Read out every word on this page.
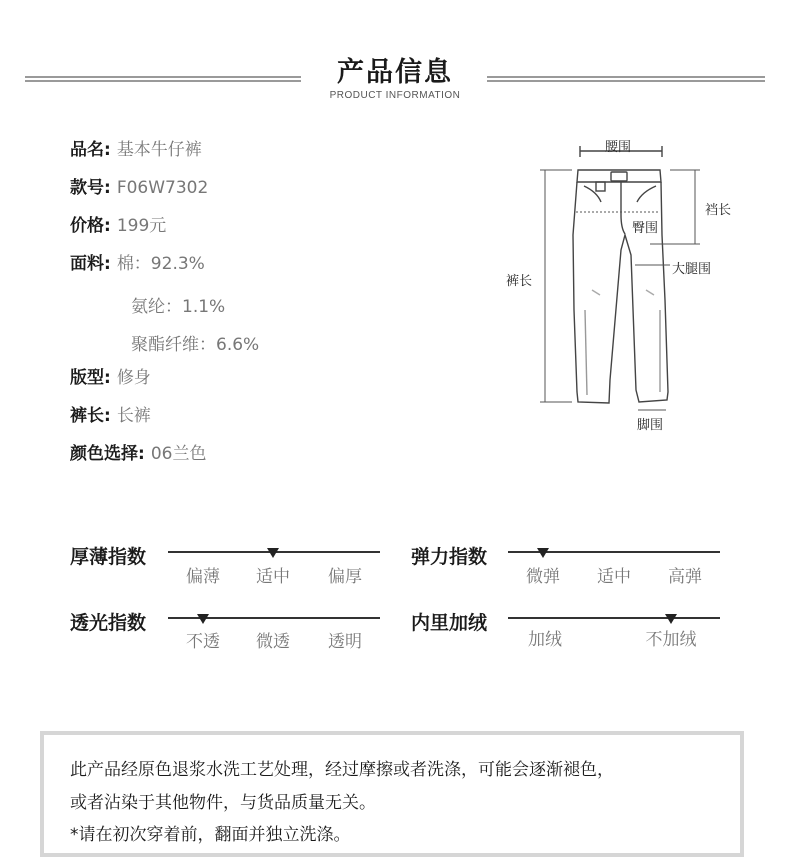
产品信息
PRODUCT INFORMATION
品名: 基本牛仔裤
款号: F06W7302
价格: 199元
面料: 棉：92.3%
氨纶：1.1%
聚酯纤维：6.6%
版型: 修身
裤长: 长裤
颜色选择: 06兰色
腰围
裆长
臀围
裤长
大腿围
脚围
厚薄指数
偏薄	适中	偏厚
弹力指数
微弹	适中	高弹
透光指数
不透	微透	透明
内里加绒
加绒	不加绒

此产品经原色退浆水洗工艺处理，经过摩擦或者洗涤，可能会逐渐褪色，

或者沾染于其他物件，与货品质量无关。

*请在初次穿着前，翻面并独立洗涤。
